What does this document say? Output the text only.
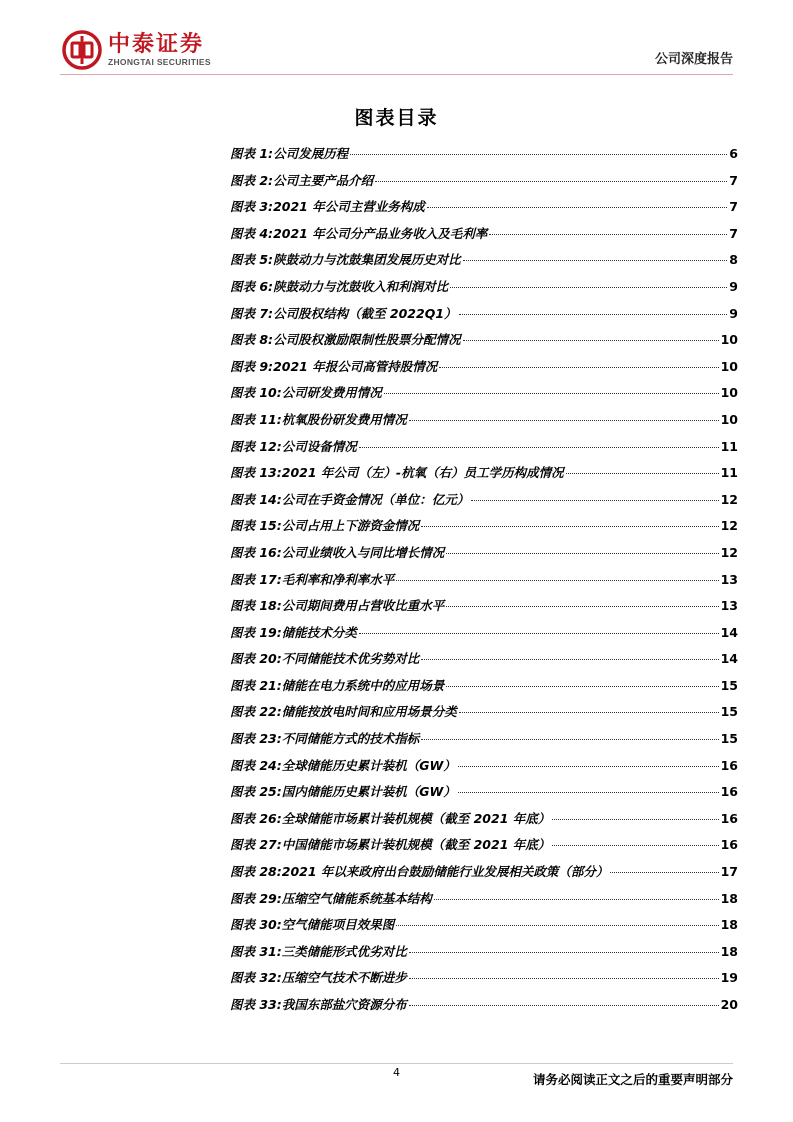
中泰证券
ZHONGTAI SECURITIES	公司深度报告
图表目录
图表 1: 公司发展历程	6
图表 2: 公司主要产品介绍	7
图表 3: 2021 年公司主营业务构成	7
图表 4: 2021 年公司分产品业务收入及毛利率	7
图表 5: 陕鼓动力与沈鼓集团发展历史对比	8
图表 6: 陕鼓动力与沈鼓收入和利润对比	9
图表 7: 公司股权结构（截至 2022Q1）	9
图表 8: 公司股权激励限制性股票分配情况	10
图表 9: 2021 年报公司高管持股情况	10
图表 10: 公司研发费用情况	10
图表 11: 杭氧股份研发费用情况	10
图表 12: 公司设备情况	11
图表 13: 2021 年公司（左）-杭氧（右）员工学历构成情况	11
图表 14: 公司在手资金情况（单位：亿元）	12
图表 15: 公司占用上下游资金情况	12
图表 16: 公司业绩收入与同比增长情况	12
图表 17: 毛利率和净利率水平	13
图表 18: 公司期间费用占营收比重水平	13
图表 19: 储能技术分类	14
图表 20: 不同储能技术优劣势对比	14
图表 21: 储能在电力系统中的应用场景	15
图表 22: 储能按放电时间和应用场景分类	15
图表 23: 不同储能方式的技术指标	15
图表 24: 全球储能历史累计装机（GW）	16
图表 25: 国内储能历史累计装机（GW）	16
图表 26: 全球储能市场累计装机规模（截至 2021 年底）	16
图表 27: 中国储能市场累计装机规模（截至 2021 年底）	16
图表 28: 2021 年以来政府出台鼓励储能行业发展相关政策（部分）	17
图表 29: 压缩空气储能系统基本结构	18
图表 30: 空气储能项目效果图	18
图表 31: 三类储能形式优劣对比	18
图表 32: 压缩空气技术不断进步	19
图表 33: 我国东部盐穴资源分布	20
4	请务必阅读正文之后的重要声明部分
